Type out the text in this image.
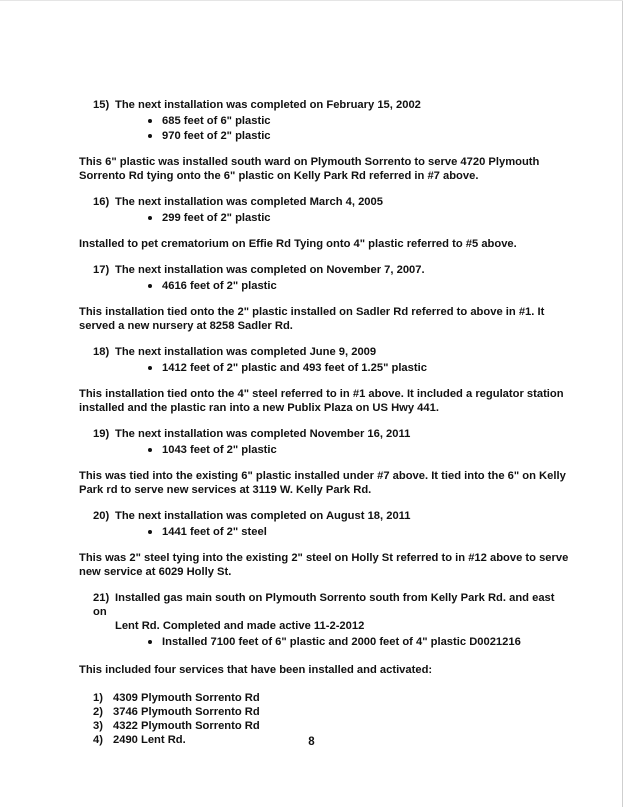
15) The next installation was completed on February 15, 2002
685 feet of 6" plastic
970 feet of 2" plastic
This 6" plastic was installed south ward on Plymouth Sorrento to serve 4720 Plymouth Sorrento Rd tying onto the 6" plastic on Kelly Park Rd referred in #7 above.
16) The next installation was completed March 4, 2005
299 feet of 2" plastic
Installed to pet crematorium on Effie Rd Tying onto 4" plastic referred to #5 above.
17) The next installation was completed on November 7, 2007.
4616 feet of 2" plastic
This installation tied onto the 2" plastic installed on Sadler Rd referred to above in #1. It served a new nursery at 8258 Sadler Rd.
18) The next installation was completed June 9, 2009
1412 feet of 2" plastic and 493 feet of 1.25" plastic
This installation tied onto the 4" steel referred to in #1 above. It included a regulator station installed and the plastic ran into a new Publix Plaza on US Hwy 441.
19) The next installation was completed November 16, 2011
1043 feet of 2" plastic
This was tied into the existing 6" plastic installed under #7 above. It tied into the 6" on Kelly Park rd to serve new services at 3119 W. Kelly Park Rd.
20) The next installation was completed on August 18, 2011
1441 feet of 2" steel
This was 2" steel tying into the existing 2" steel on Holly St referred to in #12 above to serve new service at 6029 Holly St.
21) Installed gas main south on Plymouth Sorrento south from Kelly Park Rd. and east on
Lent Rd. Completed and made active 11-2-2012
Installed 7100 feet of 6" plastic and 2000 feet of 4" plastic D0021216
This included four services that have been installed and activated:
1) 4309 Plymouth Sorrento Rd
2) 3746 Plymouth Sorrento Rd
3) 4322 Plymouth Sorrento Rd
4) 2490 Lent Rd.	8
